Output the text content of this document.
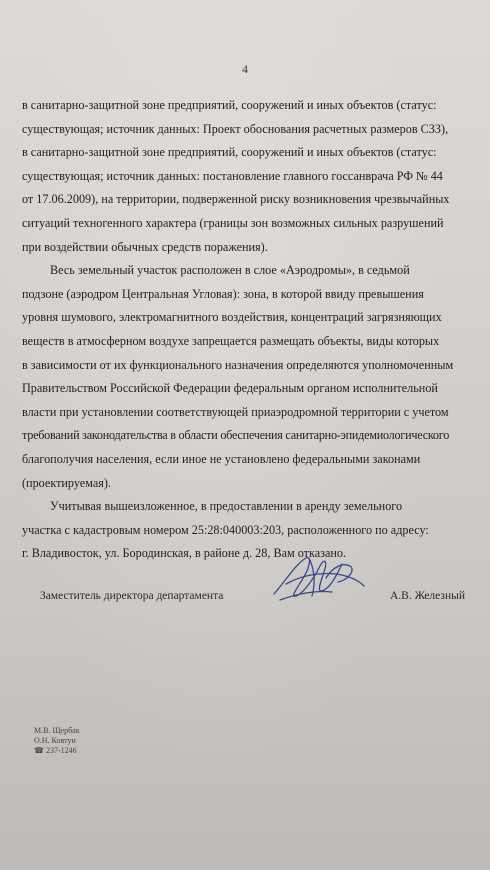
4
в санитарно-защитной зоне предприятий, сооружений и иных объектов (статус:
существующая; источник данных: Проект обоснования расчетных размеров СЗЗ),
в санитарно-защитной зоне предприятий, сооружений и иных объектов (статус:
существующая; источник данных: постановление главного госсанврача РФ № 44
от 17.06.2009), на территории, подверженной риску возникновения чрезвычайных
ситуаций техногенного характера (границы зон возможных сильных разрушений
при воздействии обычных средств поражения).
Весь земельный участок расположен в слое «Аэродромы», в седьмой
подзоне (аэродром Центральная Угловая): зона, в которой ввиду превышения
уровня шумового, электромагнитного воздействия, концентраций загрязняющих
веществ в атмосферном воздухе запрещается размещать объекты, виды которых
в зависимости от их функционального назначения определяются уполномоченным
Правительством Российской Федерации федеральным органом исполнительной
власти при установлении соответствующей приаэродромной территории с учетом
требований законодательства в области обеспечения санитарно-эпидемиологического
благополучия населения, если иное не установлено федеральными законами
(проектируемая).
Учитывая вышеизложенное, в предоставлении в аренду земельного
участка с кадастровым номером 25:28:040003:203, расположенного по адресу:
г. Владивосток, ул. Бородинская, в районе д. 28, Вам отказано.
Заместитель директора департамента	А.В. Железный
М.В. Щербак
О.Н. Ковтун
☎ 237-1246
